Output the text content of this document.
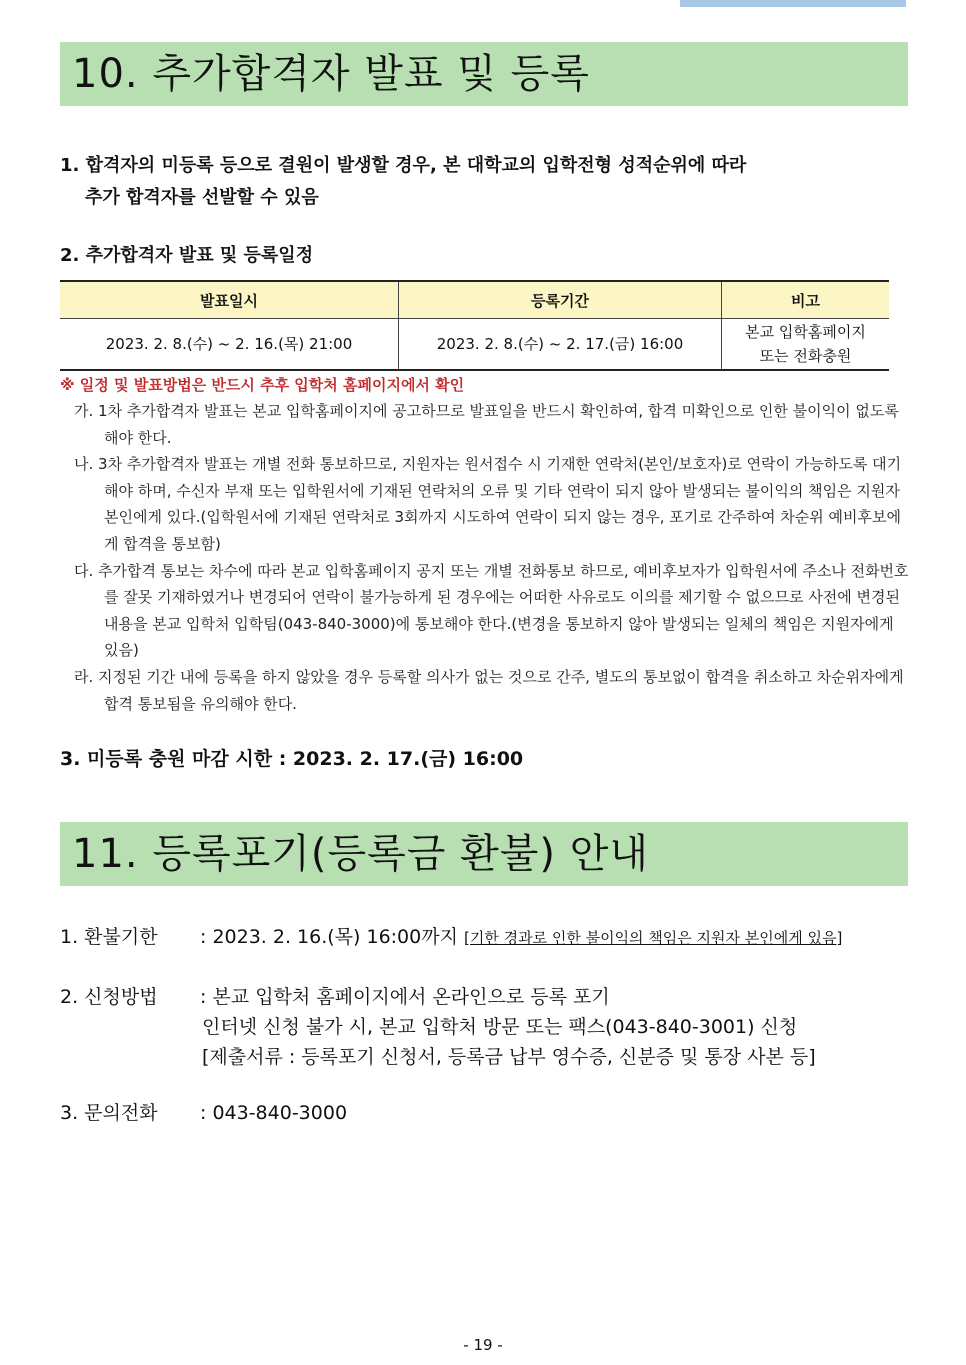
10. 추가합격자 발표 및 등록
1. 합격자의 미등록 등으로 결원이 발생할 경우, 본 대학교의 입학전형 성적순위에 따라
추가 합격자를 선발할 수 있음
2. 추가합격자 발표 및 등록일정
발표일시	등록기간	비고
2023. 2. 8.(수) ~ 2. 16.(목) 21:00	2023. 2. 8.(수) ~ 2. 17.(금) 16:00	본교 입학홈페이지
또는 전화충원
※ 일정 및 발표방법은 반드시 추후 입학처 홈페이지에서 확인
가. 1차 추가합격자 발표는 본교 입학홈페이지에 공고하므로 발표일을 반드시 확인하여, 합격 미확인으로 인한 불이익이 없도록 해야 한다.
나. 3차 추가합격자 발표는 개별 전화 통보하므로, 지원자는 원서접수 시 기재한 연락처(본인/보호자)로 연락이 가능하도록 대기해야 하며, 수신자 부재 또는 입학원서에 기재된 연락처의 오류 및 기타 연락이 되지 않아 발생되는 불이익의 책임은 지원자 본인에게 있다.(입학원서에 기재된 연락처로 3회까지 시도하여 연락이 되지 않는 경우, 포기로 간주하여 차순위 예비후보에게 합격을 통보함)
다. 추가합격 통보는 차수에 따라 본교 입학홈페이지 공지 또는 개별 전화통보 하므로, 예비후보자가 입학원서에 주소나 전화번호를 잘못 기재하였거나 변경되어 연락이 불가능하게 된 경우에는 어떠한 사유로도 이의를 제기할 수 없으므로 사전에 변경된 내용을 본교 입학처 입학팀(043-840-3000)에 통보해야 한다.(변경을 통보하지 않아 발생되는 일체의 책임은 지원자에게 있음)
라. 지정된 기간 내에 등록을 하지 않았을 경우 등록할 의사가 없는 것으로 간주, 별도의 통보없이 합격을 취소하고 차순위자에게 합격 통보됨을 유의해야 한다.
3. 미등록 충원 마감 시한 : 2023. 2. 17.(금) 16:00
11. 등록포기(등록금 환불) 안내
1. 환불기한 : 2023. 2. 16.(목) 16:00까지 [기한 경과로 인한 불이익의 책임은 지원자 본인에게 있음]
2. 신청방법 : 본교 입학처 홈페이지에서 온라인으로 등록 포기
인터넷 신청 불가 시, 본교 입학처 방문 또는 팩스(043-840-3001) 신청
[제출서류 : 등록포기 신청서, 등록금 납부 영수증, 신분증 및 통장 사본 등]
3. 문의전화 : 043-840-3000
- 19 -
